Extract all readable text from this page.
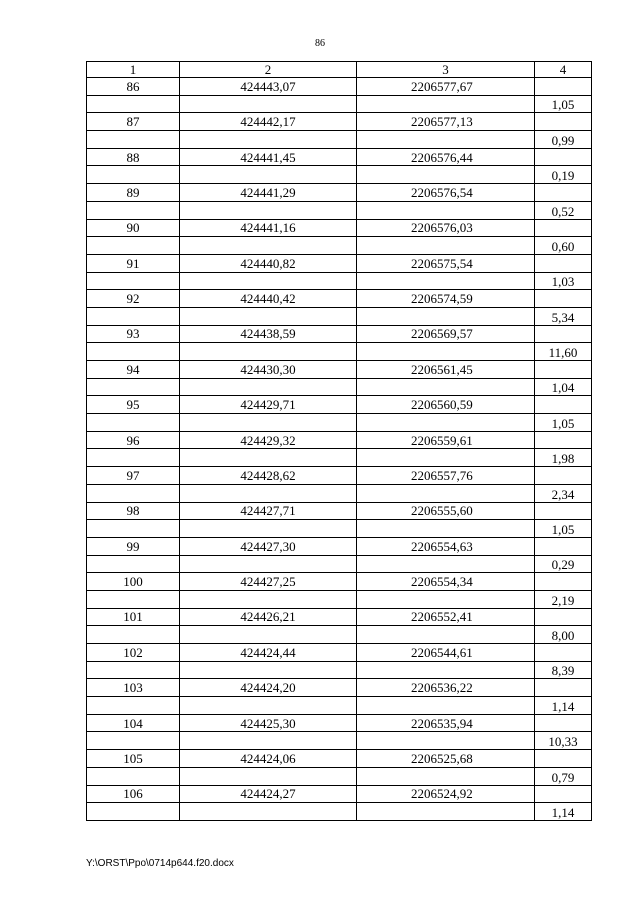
86
1	2	3	4
86	424443,07	2206577,67	
			1,05
87	424442,17	2206577,13	
			0,99
88	424441,45	2206576,44	
			0,19
89	424441,29	2206576,54	
			0,52
90	424441,16	2206576,03	
			0,60
91	424440,82	2206575,54	
			1,03
92	424440,42	2206574,59	
			5,34
93	424438,59	2206569,57	
			11,60
94	424430,30	2206561,45	
			1,04
95	424429,71	2206560,59	
			1,05
96	424429,32	2206559,61	
			1,98
97	424428,62	2206557,76	
			2,34
98	424427,71	2206555,60	
			1,05
99	424427,30	2206554,63	
			0,29
100	424427,25	2206554,34	
			2,19
101	424426,21	2206552,41	
			8,00
102	424424,44	2206544,61	
			8,39
103	424424,20	2206536,22	
			1,14
104	424425,30	2206535,94	
			10,33
105	424424,06	2206525,68	
			0,79
106	424424,27	2206524,92	
			1,14
Y:\ORST\Ppo\0714p644.f20.docx
